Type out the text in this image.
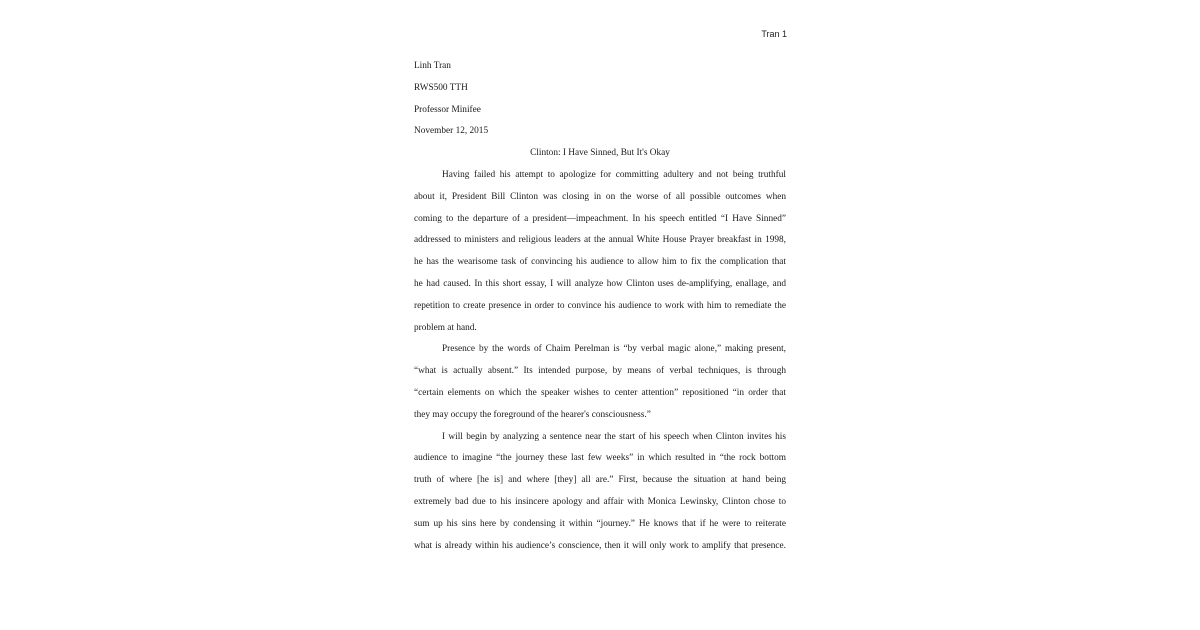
Tran 1

Linh Tran

RWS500 TTH

Professor Minifee

November 12, 2015

Clinton: I Have Sinned, But It's Okay

Having failed his attempt to apologize for committing adultery and not being truthful
about it, President Bill Clinton was closing in on the worse of all possible outcomes when
coming to the departure of a president—impeachment. In his speech entitled “I Have Sinned”
addressed to ministers and religious leaders at the annual White House Prayer breakfast in 1998,
he has the wearisome task of convincing his audience to allow him to fix the complication that
he had caused. In this short essay, I will analyze how Clinton uses de-amplifying, enallage, and
repetition to create presence in order to convince his audience to work with him to remediate the
problem at hand.

Presence by the words of Chaim Perelman is “by verbal magic alone,” making present,
“what is actually absent.” Its intended purpose, by means of verbal techniques, is through
“certain elements on which the speaker wishes to center attention” repositioned “in order that
they may occupy the foreground of the hearer's consciousness.”

I will begin by analyzing a sentence near the start of his speech when Clinton invites his
audience to imagine “the journey these last few weeks” in which resulted in “the rock bottom
truth of where [he is] and where [they] all are.” First, because the situation at hand being
extremely bad due to his insincere apology and affair with Monica Lewinsky, Clinton chose to
sum up his sins here by condensing it within “journey.” He knows that if he were to reiterate
what is already within his audience’s conscience, then it will only work to amplify that presence.
